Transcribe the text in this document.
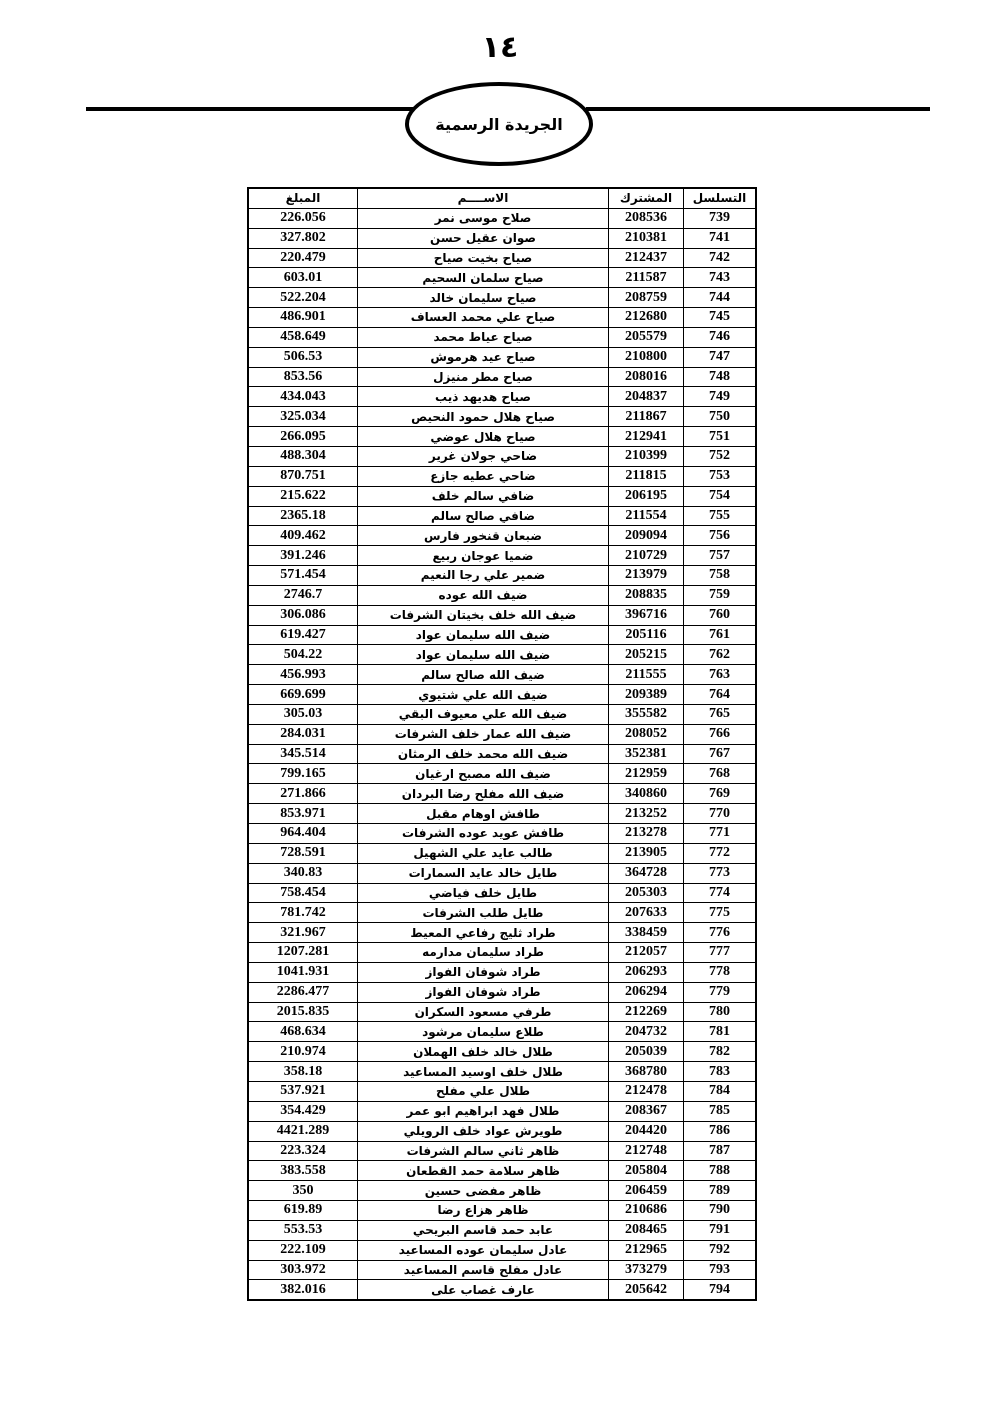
١٤
الجريدة الرسمية
المبلغ	الاســــم	المشترك	التسلسل
226.056	صلاح موسى نمر	208536	739
327.802	صوان عقيل حسن	210381	741
220.479	صياح بخيت صياح	212437	742
603.01	صياح سلمان السحيم	211587	743
522.204	صياح سليمان خالد	208759	744
486.901	صياح علي محمد العساف	212680	745
458.649	صياح عياط محمد	205579	746
506.53	صياح عيد هرموش	210800	747
853.56	صياح مطر منيزل	208016	748
434.043	صياح هديهد ذيب	204837	749
325.034	صياح هلال حمود النحيص	211867	750
266.095	صياح هلال عوضي	212941	751
488.304	ضاحي جولان غرير	210399	752
870.751	ضاحي عطيه جازع	211815	753
215.622	ضافي سالم خلف	206195	754
2365.18	ضافي صالح سالم	211554	755
409.462	ضبعان قنخور فارس	209094	756
391.246	ضميا عوجان ربيع	210729	757
571.454	ضمير علي رجا النعيم	213979	758
2746.7	ضيف الله عوده	208835	759
306.086	ضيف الله خلف بخيتان الشرفات	396716	760
619.427	ضيف الله سليمان عواد	205116	761
504.22	ضيف الله سليمان عواد	205215	762
456.993	ضيف الله صالح سالم	211555	763
669.699	ضيف الله علي شتيوي	209389	764
305.03	ضيف الله علي معيوف البقي	355582	765
284.031	ضيف الله عمار خلف الشرفات	208052	766
345.514	ضيف الله محمد خلف الرمثان	352381	767
799.165	ضيف الله مصبح ارغيان	212959	768
271.866	ضيف الله مفلح رضا البردان	340860	769
853.971	طافش اوهام مقبل	213252	770
964.404	طافش عويد عوده الشرفات	213278	771
728.591	طالب عايد علي الشهيل	213905	772
340.83	طايل خالد عايد السمارات	364728	773
758.454	طايل خلف فياضي	205303	774
781.742	طايل طلب الشرفات	207633	775
321.967	طراد ثليج رفاعي المعيط	338459	776
1207.281	طراد سليمان مدارمه	212057	777
1041.931	طراد شوفان الفواز	206293	778
2286.477	طراد شوفان الفواز	206294	779
2015.835	طرفي مسعود السكران	212269	780
468.634	طلاع سليمان مرشود	204732	781
210.974	طلال خالد خلف الهملان	205039	782
358.18	طلال خلف اوسيد المساعيد	368780	783
537.921	طلال علي مفلح	212478	784
354.429	طلال فهد ابراهيم ابو عمر	208367	785
4421.289	طويرش عواد خلف الرويلي	204420	786
223.324	ظاهر ثاني سالم الشرفات	212748	787
383.558	ظاهر سلامة حمد القطعان	205804	788
350	ظاهر مفضى حسين	206459	789
619.89	ظاهر هزاع رضا	210686	790
553.53	عابد حمد قاسم البريحي	208465	791
222.109	عادل سليمان عوده المساعيد	212965	792
303.972	عادل مفلح قاسم المساعيد	373279	793
382.016	عارف غصاب على	205642	794
